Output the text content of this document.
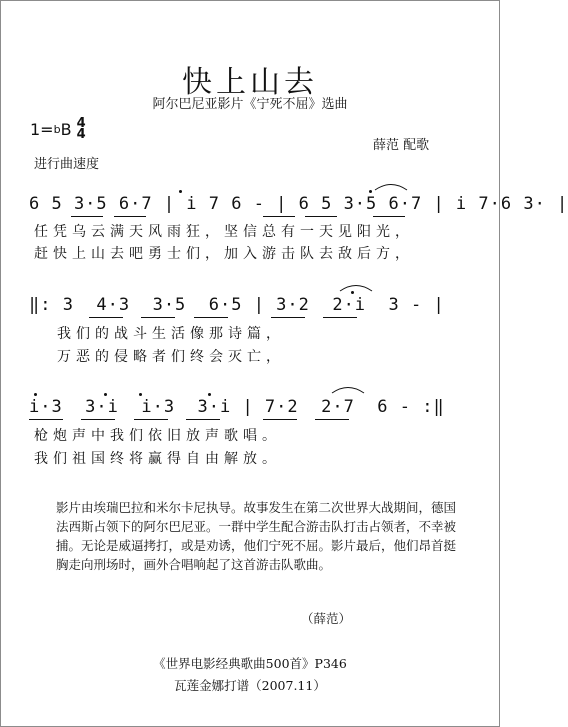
快上山去
阿尔巴尼亚影片《宁死不屈》选曲
1= b B 4
4
薛范 配歌
进行曲速度
6 5 3·5 6·7 | i 7 6 - | 6 5 3·5 6·7 | i 7·6 3· |
任凭乌云满天风雨狂，坚信总有一天见阳光，
赶快上山去吧勇士们，加入游击队去敌后方，
‖: 3  4·3  3·5  6·5 | 3·2  2·i  3 - |
我们的战斗生活像那诗篇，
万恶的侵略者们终会灭亡，
i·3  3·i  i·3  3·i | 7·2  2·7  6 - :‖
枪炮声中我们依旧放声歌唱。
我们祖国终将赢得自由解放。
影片由埃瑞巴拉和米尔卡尼执导。故事发生在第二次世界大战期间，德国法西斯占领下的阿尔巴尼亚。一群中学生配合游击队打击占领者，不幸被捕。无论是威逼拷打，或是劝诱，他们宁死不屈。影片最后，他们昂首挺胸走向刑场时，画外合唱响起了这首游击队歌曲。
（薛范）
《世界电影经典歌曲500首》P346
瓦莲金娜打谱（2007.11）
